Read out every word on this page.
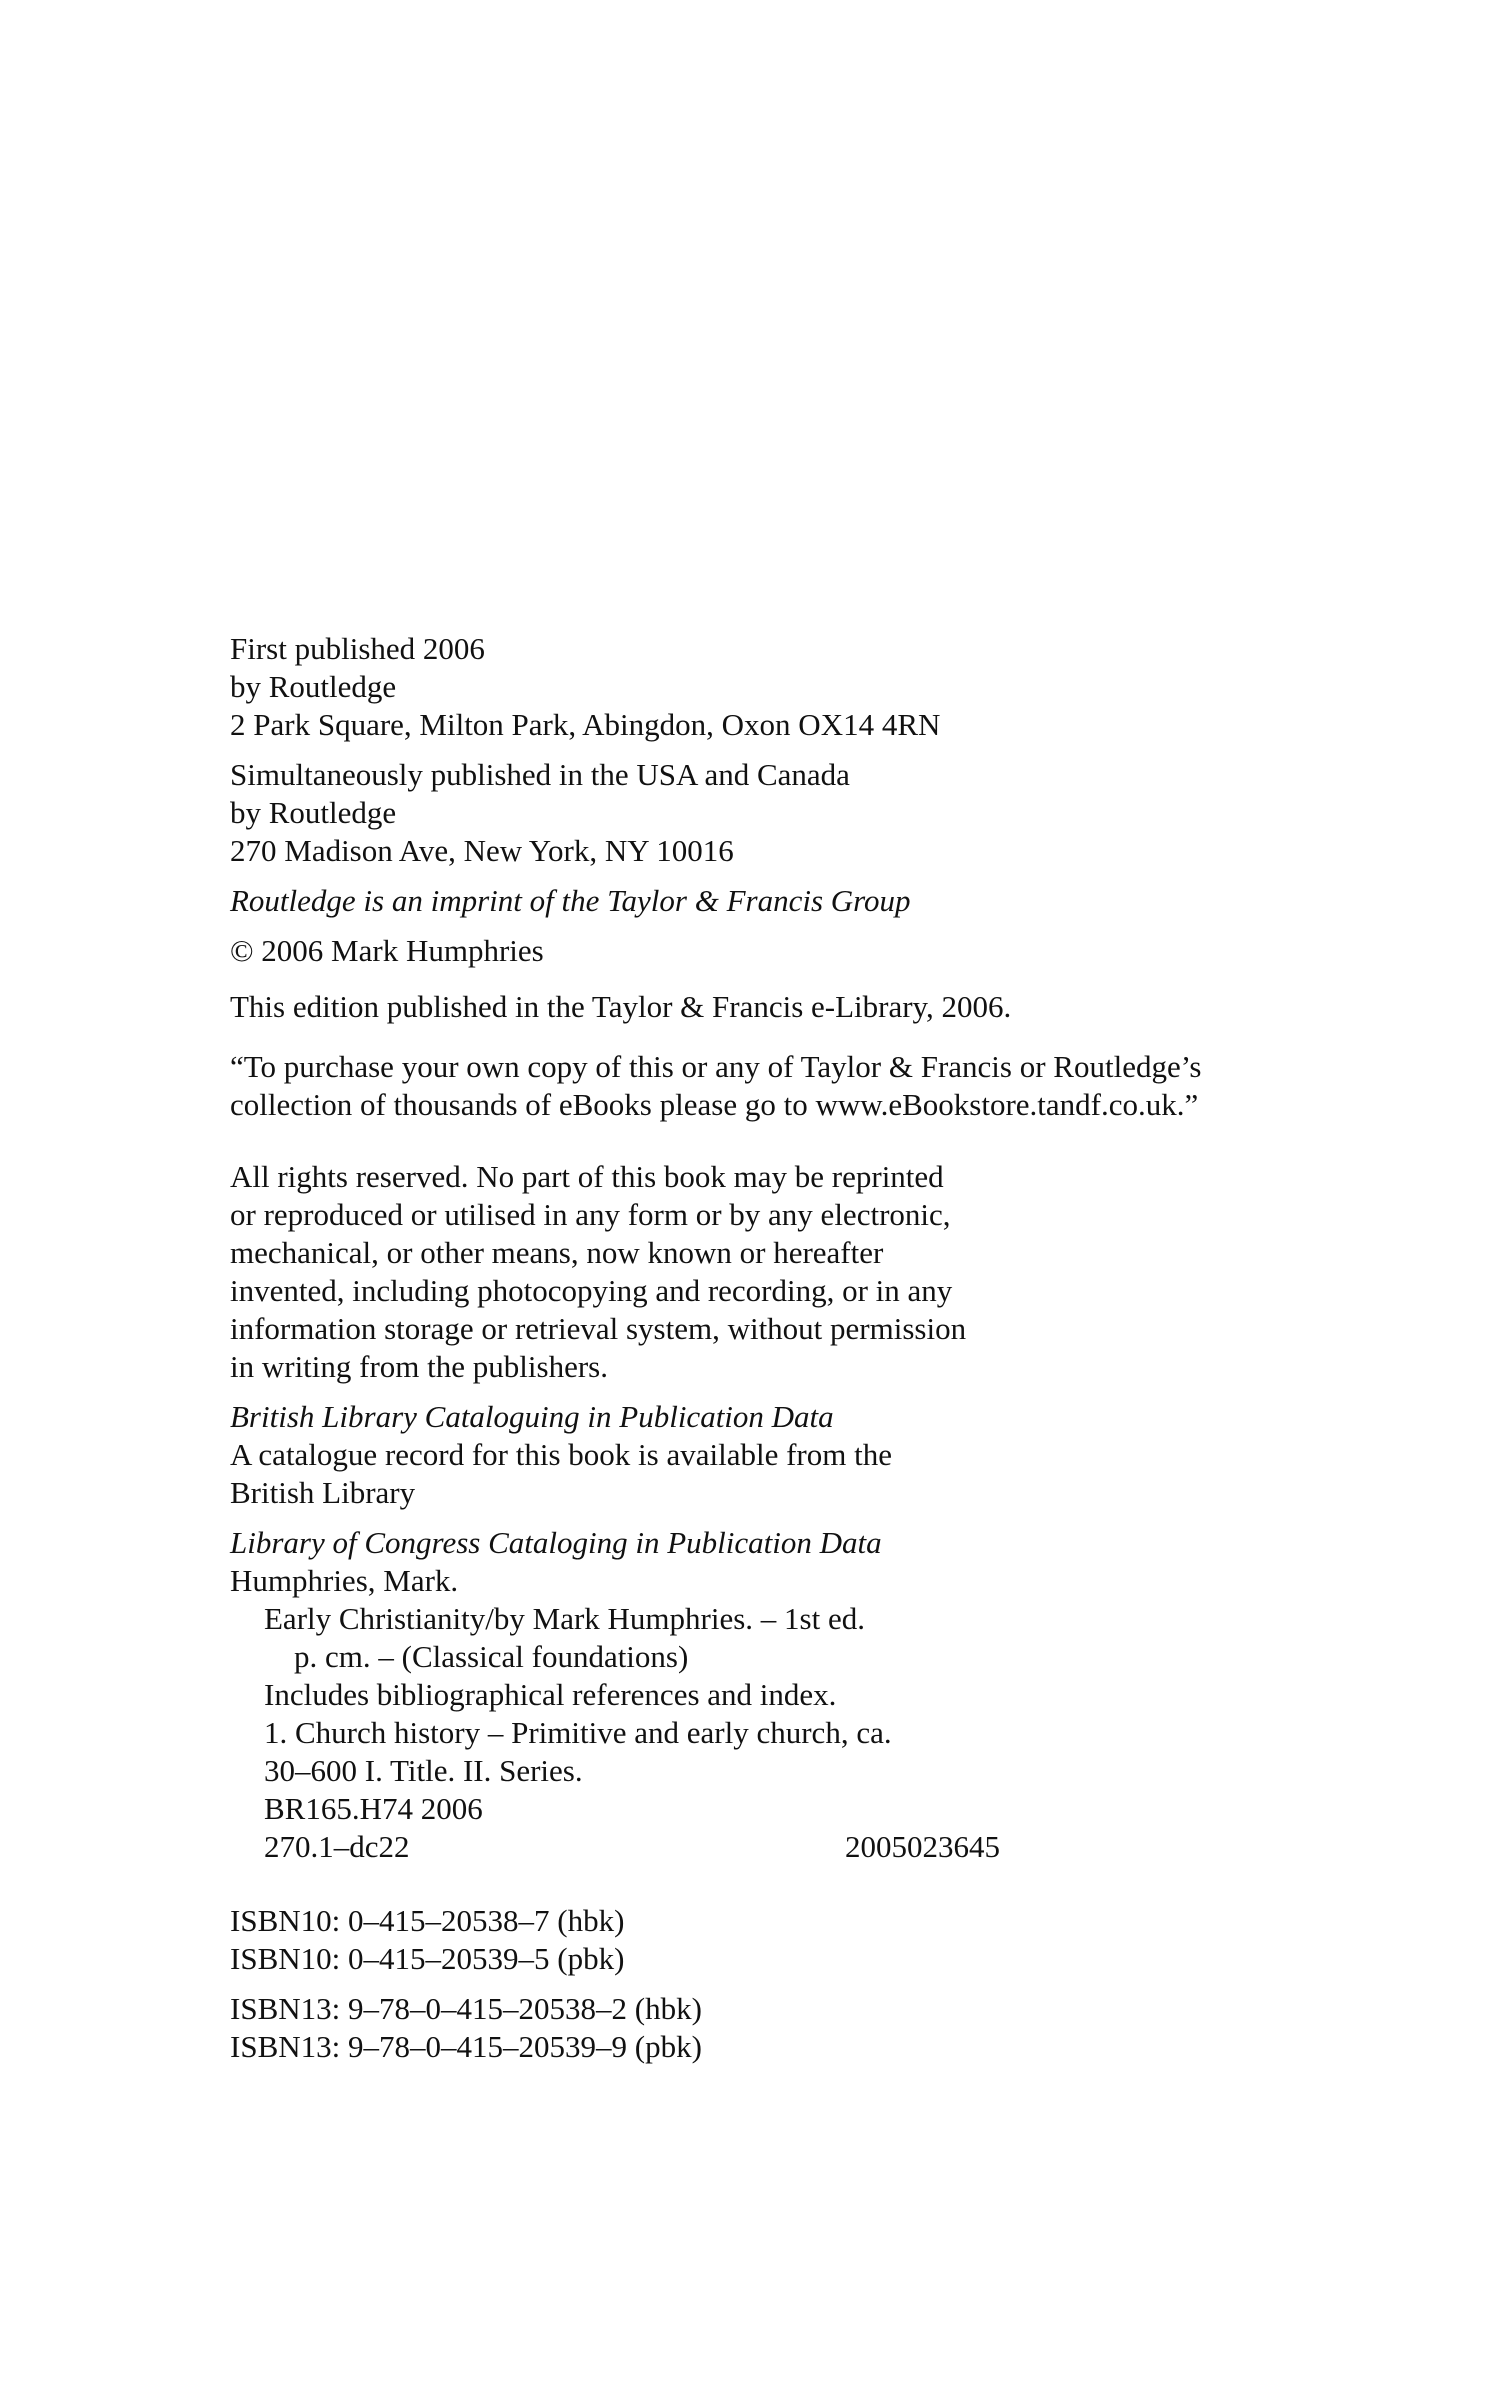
First published 2006
by Routledge
2 Park Square, Milton Park, Abingdon, Oxon OX14 4RN
Simultaneously published in the USA and Canada
by Routledge
270 Madison Ave, New York, NY 10016
Routledge is an imprint of the Taylor & Francis Group
© 2006 Mark Humphries
This edition published in the Taylor & Francis e-Library, 2006.
“To purchase your own copy of this or any of Taylor & Francis or Routledge’s
collection of thousands of eBooks please go to www.eBookstore.tandf.co.uk.”
All rights reserved. No part of this book may be reprinted
or reproduced or utilised in any form or by any electronic,
mechanical, or other means, now known or hereafter
invented, including photocopying and recording, or in any
information storage or retrieval system, without permission
in writing from the publishers.
British Library Cataloguing in Publication Data
A catalogue record for this book is available from the
British Library
Library of Congress Cataloging in Publication Data
Humphries, Mark.
Early Christianity/by Mark Humphries. – 1st ed.
p. cm. – (Classical foundations)
Includes bibliographical references and index.
1. Church history – Primitive and early church, ca.
30–600 I. Title. II. Series.
BR165.H74 2006
270.1–dc22	2005023645
ISBN10: 0–415–20538–7 (hbk)
ISBN10: 0–415–20539–5 (pbk)
ISBN13: 9–78–0–415–20538–2 (hbk)
ISBN13: 9–78–0–415–20539–9 (pbk)
